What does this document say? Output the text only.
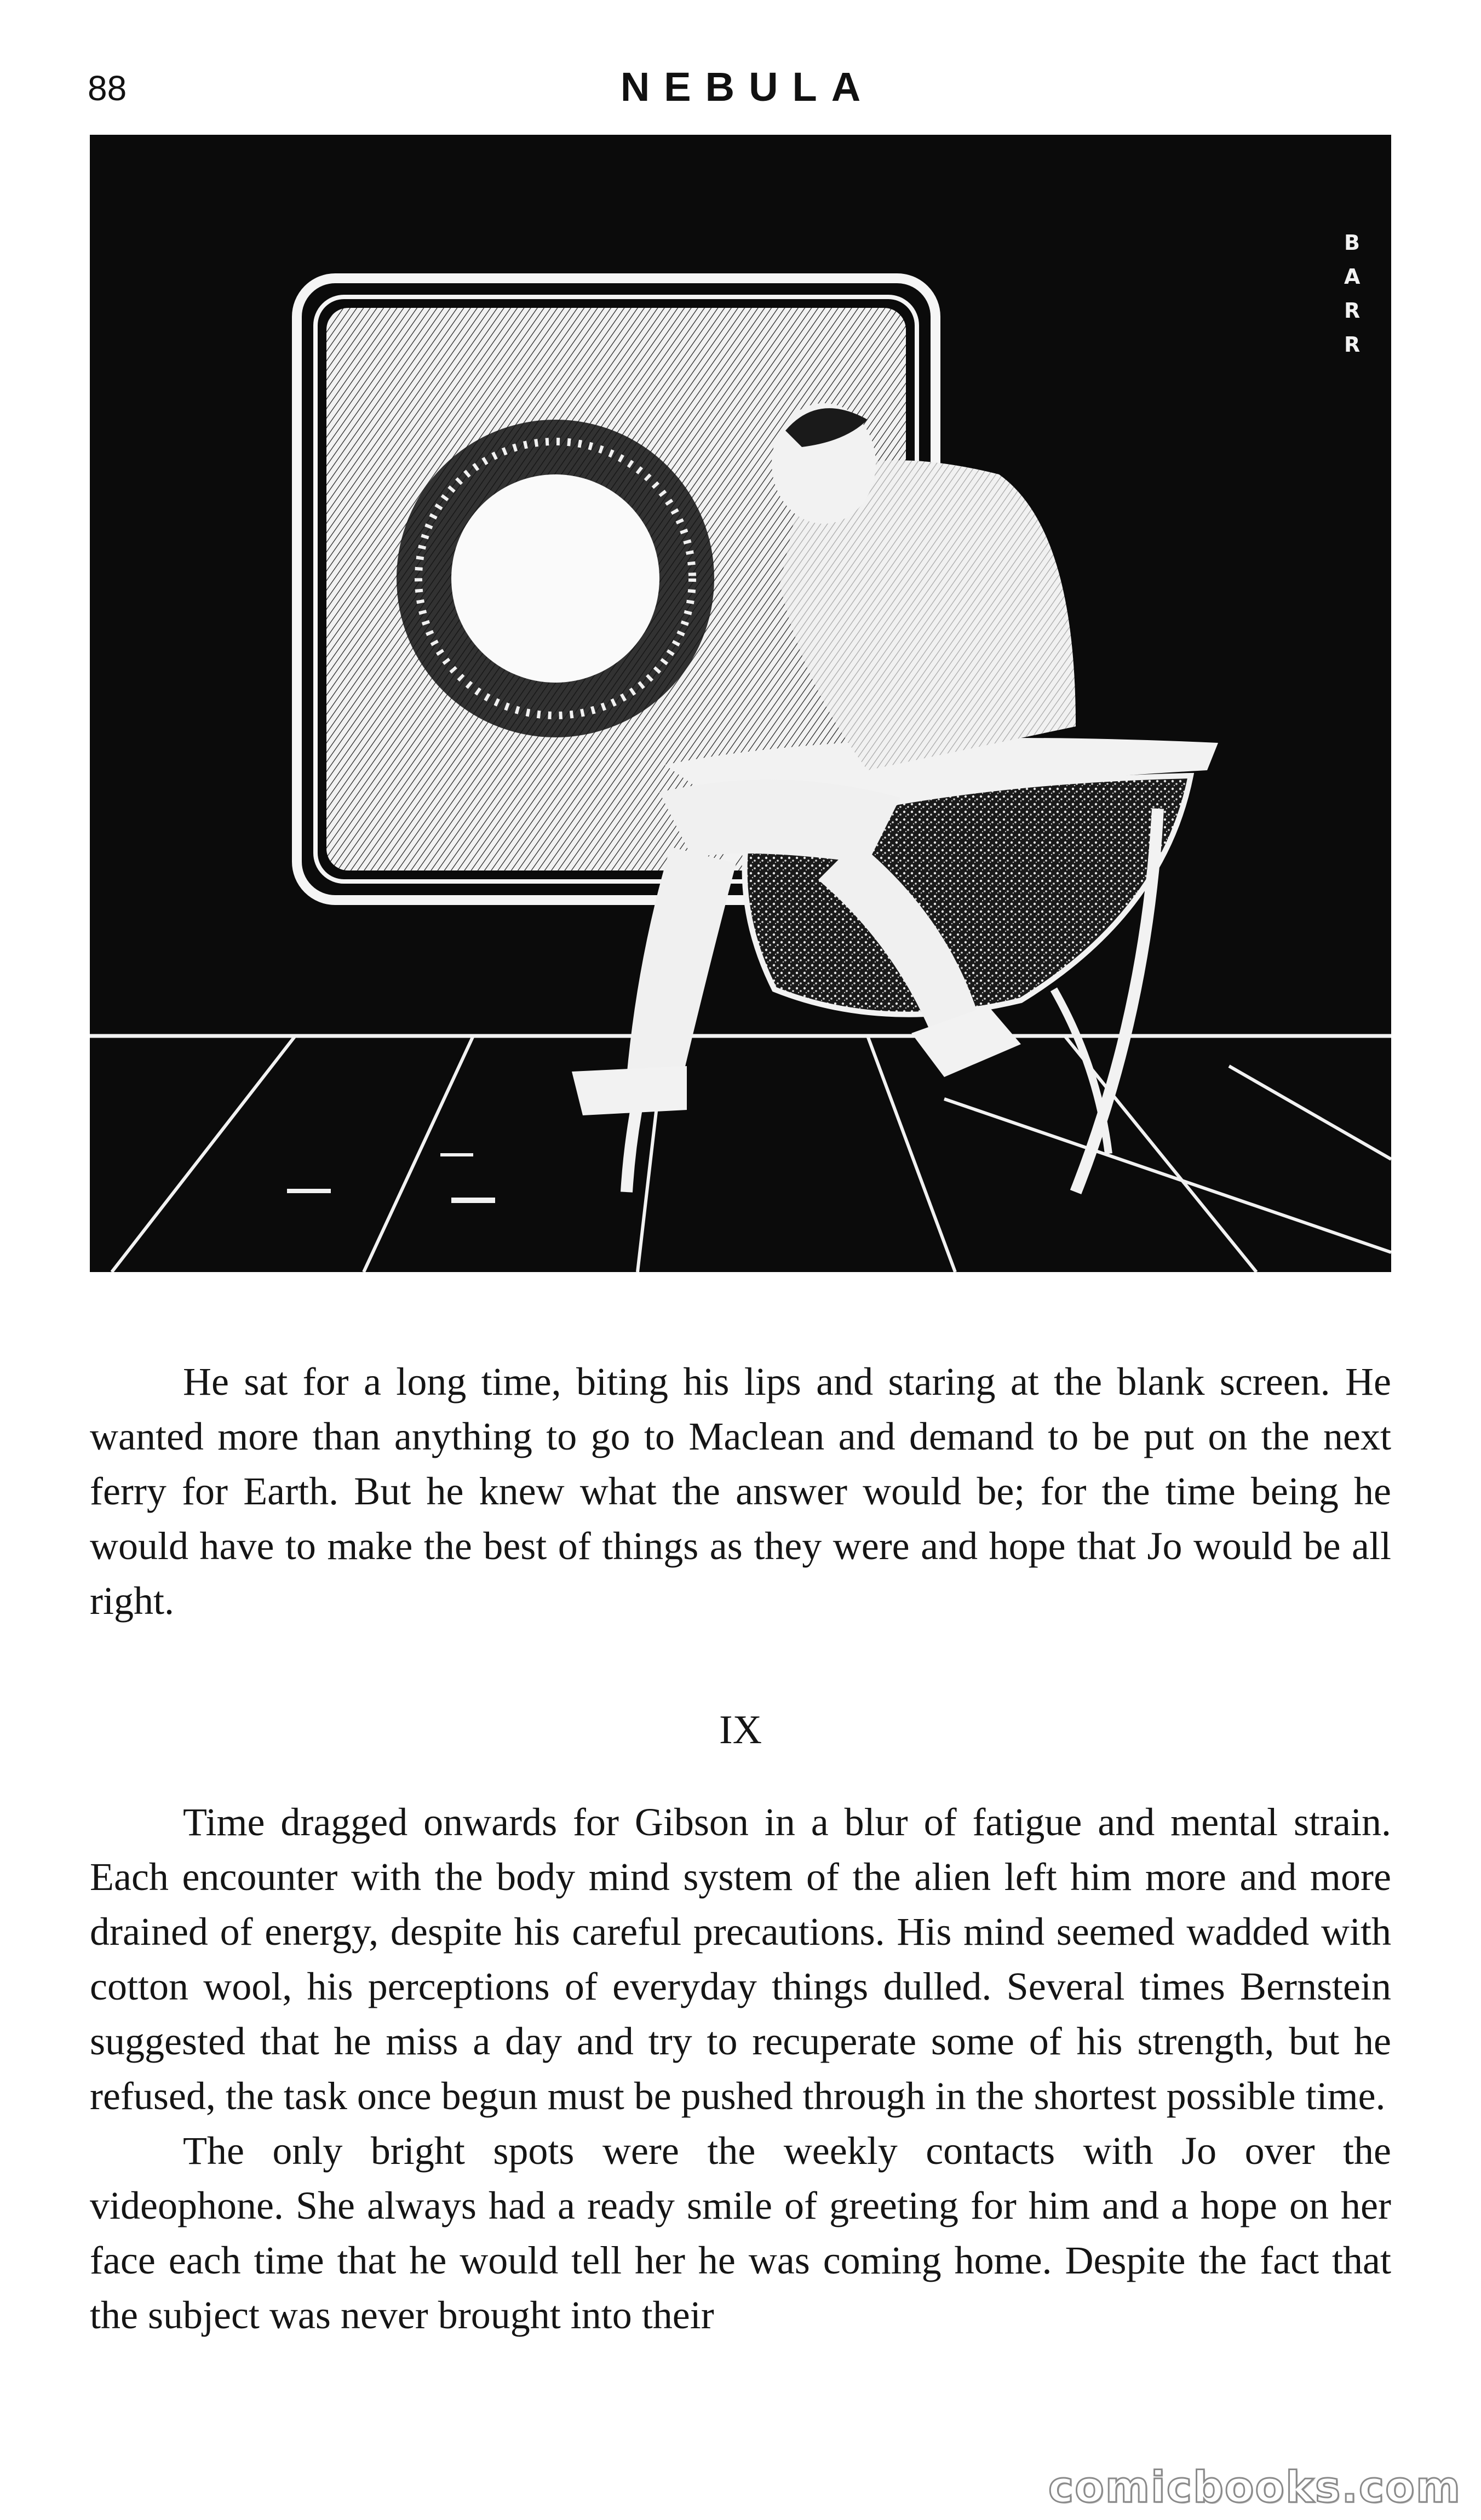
88	NEBULA
B A R R

He sat for a long time, biting his lips and staring at the blank screen. He wanted more than anything to go to Maclean and demand to be put on the next ferry for Earth. But he knew what the answer would be; for the time being he would have to make the best of things as they were and hope that Jo would be all right.

IX

Time dragged onwards for Gibson in a blur of fatigue and mental strain. Each encounter with the body mind system of the alien left him more and more drained of energy, despite his careful precautions. His mind seemed wadded with cotton wool, his perceptions of everyday things dulled. Several times Bernstein suggested that he miss a day and try to recuperate some of his strength, but he refused, the task once begun must be pushed through in the shortest possible time.

The only bright spots were the weekly contacts with Jo over the videophone. She always had a ready smile of greeting for him and a hope on her face each time that he would tell her he was coming home. Despite the fact that the subject was never brought into their

comicbooks.com
